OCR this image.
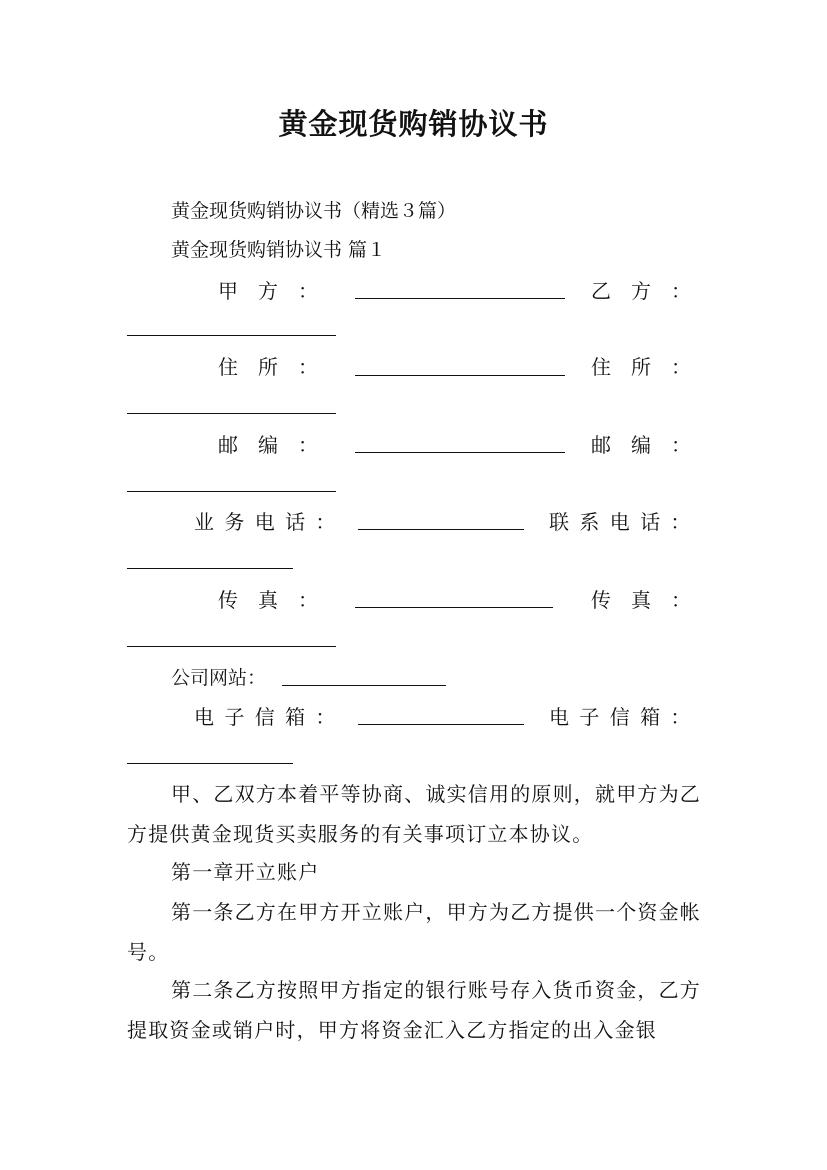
黄金现货购销协议书
黄金现货购销协议书（精选３篇）
黄金现货购销协议书 篇１
甲　方　：	乙　方　：
住　所　：	住　所　：
邮　编　：	邮　编　：
业 务 电 话 ：	联 系 电 话 ：
传　真　：	传　真　：
公司网站：
电 子 信 箱 ：	电 子 信 箱 ：
甲、乙双方本着平等协商、诚实信用的原则，就甲方为乙方提供黄金现货买卖服务的有关事项订立本协议。
第一章开立账户
第一条乙方在甲方开立账户，甲方为乙方提供一个资金帐号。
第二条乙方按照甲方指定的银行账号存入货币资金，乙方提取资金或销户时，甲方将资金汇入乙方指定的出入金银
